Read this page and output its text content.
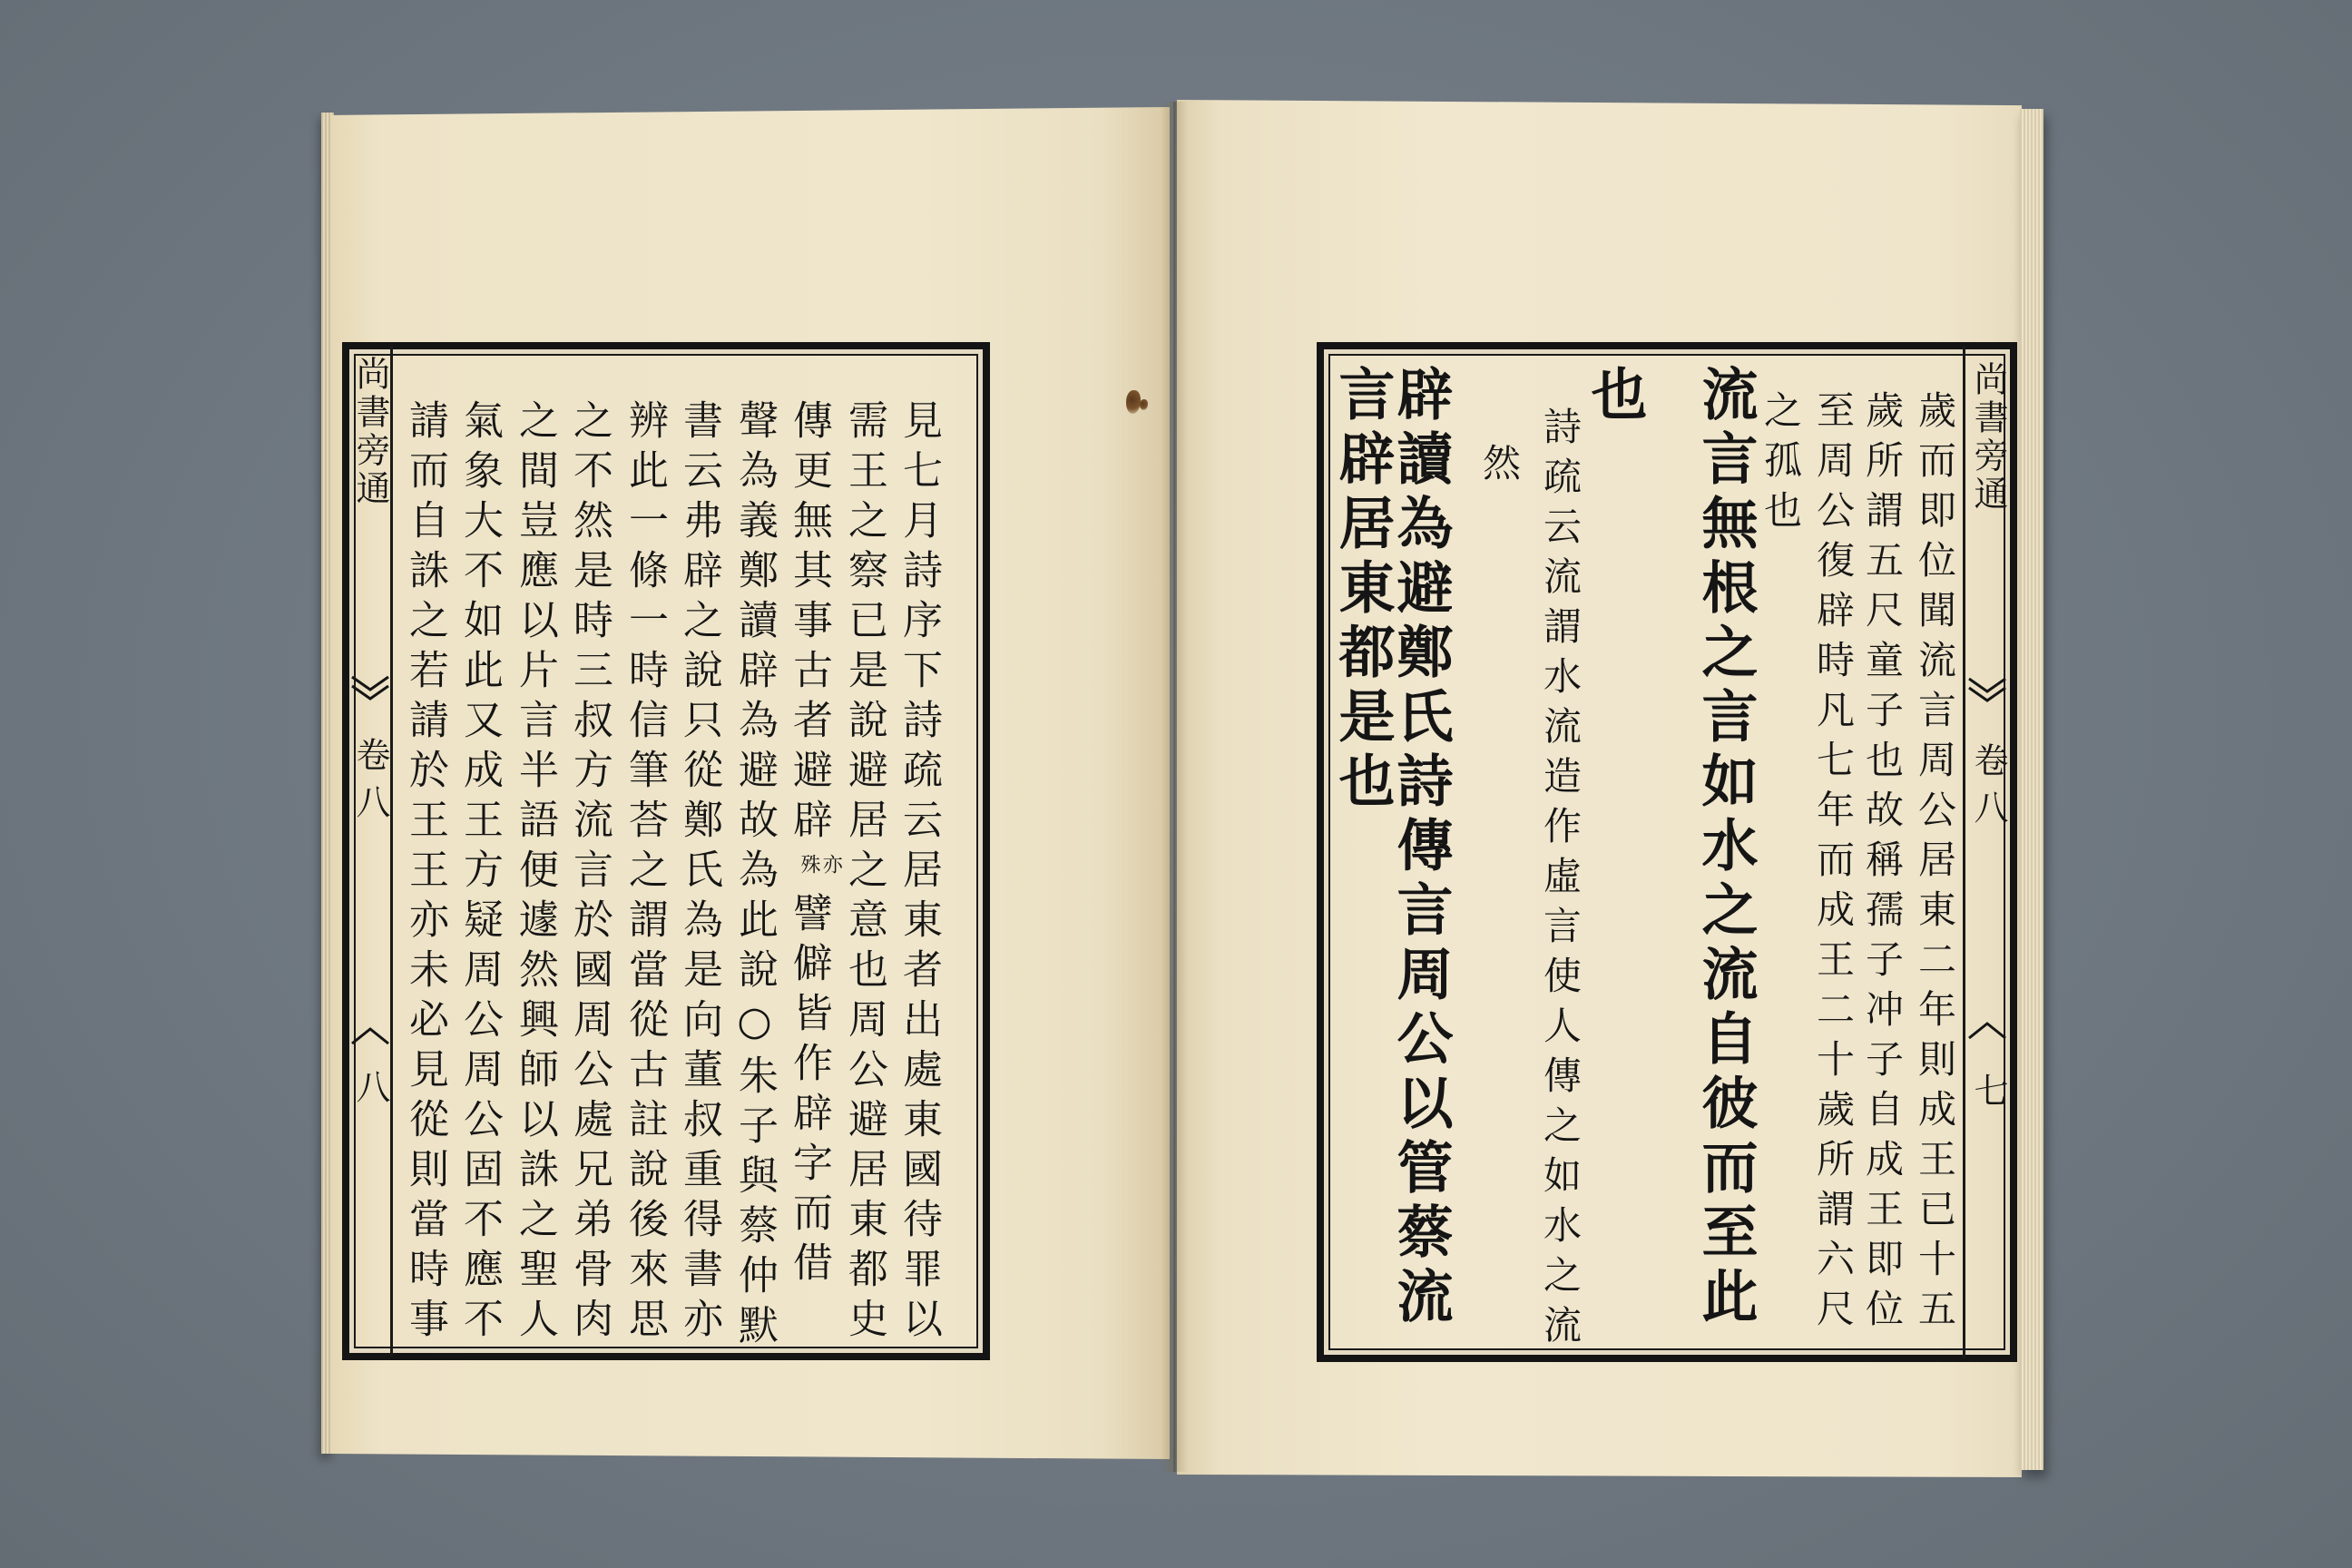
尚書旁通
卷八
八	見七月詩序下詩疏云居東者出處東國待罪以
需王之察已是說避居之意也周公避居東都史
傳更無其事古者避辟
亦
殊
譬僻皆作辟字而借
聲為義鄭讀辟為避故為此說○朱子與蔡仲默
書云弗辟之說只從鄭氏為是向董叔重得書亦
辨此一條一時信筆荅之謂當從古註說後來思
之不然是時三叔方流言於國周公處兄弟骨肉
之間豈應以片言半語便遽然興師以誅之聖人
氣象大不如此又成王方疑周公周公固不應不
請而自誅之若請於王王亦未必見從則當時事	尚書旁通
卷八
七
歲而即位聞流言周公居東二年則成王已十五
歲所謂五尺童子也故稱孺子冲子自成王即位
至周公復辟時凡七年而成王二十歲所謂六尺
之孤也
流言無根之言如水之流自彼而至此
也
詩疏云流謂水流造作虛言使人傳之如水之流
然
辟讀為避鄭氏詩傳言周公以管蔡流
言辟居東都是也
